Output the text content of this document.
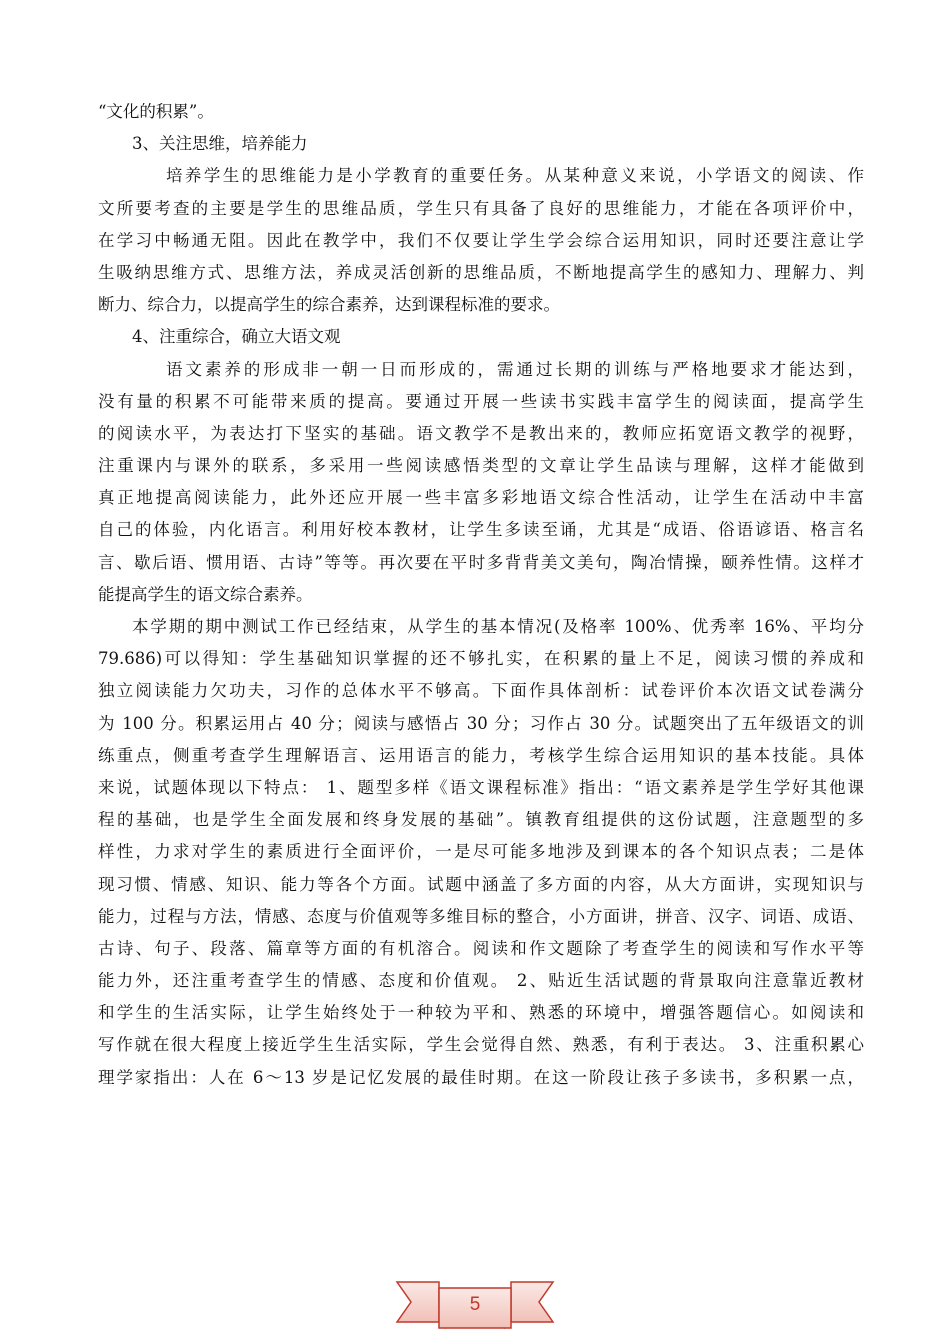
“文化的积累”。
3、关注思维，培养能力
培养学生的思维能力是小学教育的重要任务。从某种意义来说，小学语文的阅读、作
文所要考查的主要是学生的思维品质，学生只有具备了良好的思维能力，才能在各项评价中，
在学习中畅通无阻。因此在教学中，我们不仅要让学生学会综合运用知识，同时还要注意让学
生吸纳思维方式、思维方法，养成灵活创新的思维品质，不断地提高学生的感知力、理解力、判
断力、综合力，以提高学生的综合素养，达到课程标准的要求。
4、注重综合，确立大语文观
语文素养的形成非一朝一日而形成的，需通过长期的训练与严格地要求才能达到，
没有量的积累不可能带来质的提高。要通过开展一些读书实践丰富学生的阅读面，提高学生
的阅读水平，为表达打下坚实的基础。语文教学不是教出来的，教师应拓宽语文教学的视野，
注重课内与课外的联系，多采用一些阅读感悟类型的文章让学生品读与理解，这样才能做到
真正地提高阅读能力，此外还应开展一些丰富多彩地语文综合性活动，让学生在活动中丰富
自己的体验，内化语言。利用好校本教材，让学生多读至诵，尤其是“成语、俗语谚语、格言名
言、歇后语、惯用语、古诗”等等。再次要在平时多背背美文美句，陶冶情操，颐养性情。这样才
能提高学生的语文综合素养。
本学期的期中测试工作已经结束，从学生的基本情况(及格率 100%、优秀率 16%、平均分
79.686)可以得知：学生基础知识掌握的还不够扎实，在积累的量上不足，阅读习惯的养成和
独立阅读能力欠功夫，习作的总体水平不够高。下面作具体剖析：试卷评价本次语文试卷满分
为 100 分。积累运用占 40 分；阅读与感悟占 30 分；习作占 30 分。试题突出了五年级语文的训
练重点，侧重考查学生理解语言、运用语言的能力，考核学生综合运用知识的基本技能。具体
来说，试题体现以下特点： 1、题型多样《语文课程标准》指出：“语文素养是学生学好其他课
程的基础，也是学生全面发展和终身发展的基础”。镇教育组提供的这份试题，注意题型的多
样性，力求对学生的素质进行全面评价，一是尽可能多地涉及到课本的各个知识点表；二是体
现习惯、情感、知识、能力等各个方面。试题中涵盖了多方面的内容，从大方面讲，实现知识与
能力，过程与方法，情感、态度与价值观等多维目标的整合，小方面讲，拼音、汉字、词语、成语、
古诗、句子、段落、篇章等方面的有机溶合。阅读和作文题除了考查学生的阅读和写作水平等
能力外，还注重考查学生的情感、态度和价值观。 2、贴近生活试题的背景取向注意靠近教材
和学生的生活实际，让学生始终处于一种较为平和、熟悉的环境中，增强答题信心。如阅读和
写作就在很大程度上接近学生生活实际，学生会觉得自然、熟悉，有利于表达。 3、注重积累心
理学家指出：人在 6～13 岁是记忆发展的最佳时期。在这一阶段让孩子多读书，多积累一点，
5
